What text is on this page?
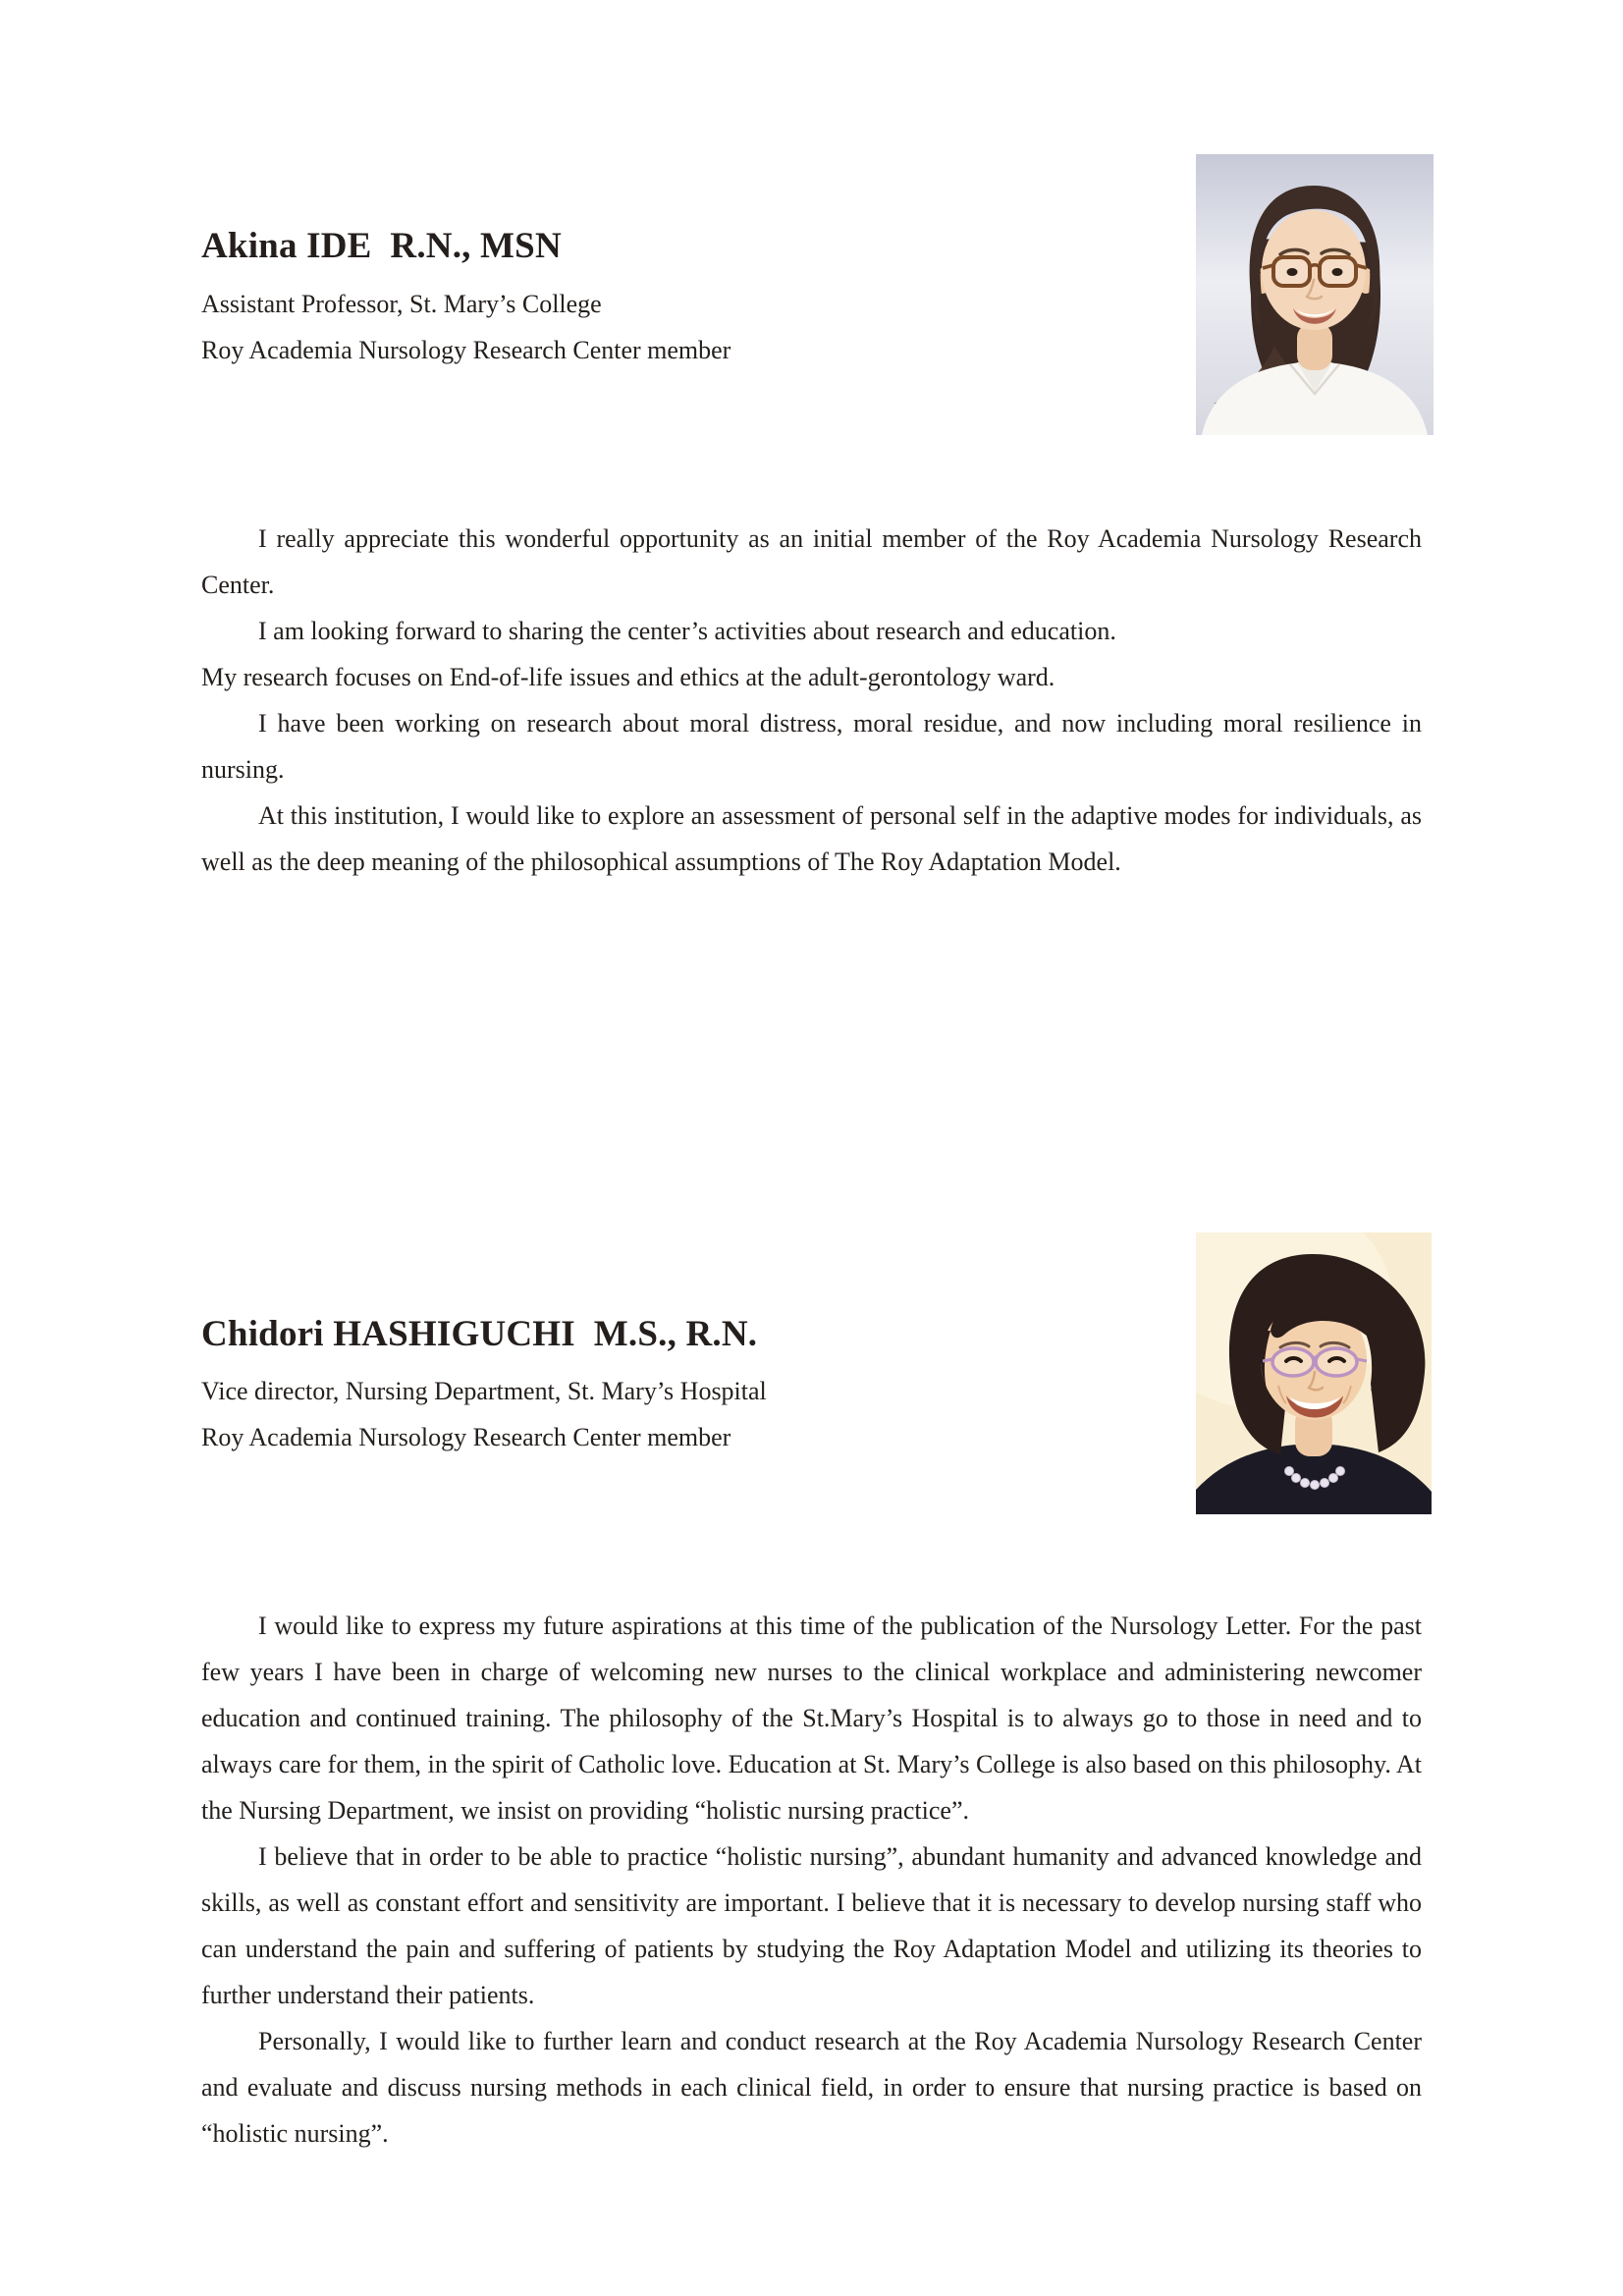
Akina IDE  R.N., MSN
Assistant Professor, St. Mary’s College
Roy Academia Nursology Research Center member

I really appreciate this wonderful opportunity as an initial member of the Roy Academia Nursology Research Center.

I am looking forward to sharing the center’s activities about research and education.

My research focuses on End-of-life issues and ethics at the adult-gerontology ward.

I have been working on research about moral distress, moral residue, and now including moral resilience in nursing.

At this institution, I would like to explore an assessment of personal self in the adaptive modes for individuals, as well as the deep meaning of the philosophical assumptions of The Roy Adaptation Model.

Chidori HASHIGUCHI  M.S., R.N.
Vice director, Nursing Department, St. Mary’s Hospital
Roy Academia Nursology Research Center member

I would like to express my future aspirations at this time of the publication of the Nursology Letter. For the past few years I have been in charge of welcoming new nurses to the clinical workplace and administering newcomer education and continued training. The philosophy of the St.Mary’s Hospital is to always go to those in need and to always care for them, in the spirit of Catholic love. Education at St. Mary’s College is also based on this philosophy. At the Nursing Department, we insist on providing “holistic nursing practice”.

I believe that in order to be able to practice “holistic nursing”, abundant humanity and advanced knowledge and skills, as well as constant effort and sensitivity are important. I believe that it is necessary to develop nursing staff who can understand the pain and suffering of patients by studying the Roy Adaptation Model and utilizing its theories to further understand their patients.

Personally, I would like to further learn and conduct research at the Roy Academia Nursology Research Center and evaluate and discuss nursing methods in each clinical field, in order to ensure that nursing practice is based on “holistic nursing”.
